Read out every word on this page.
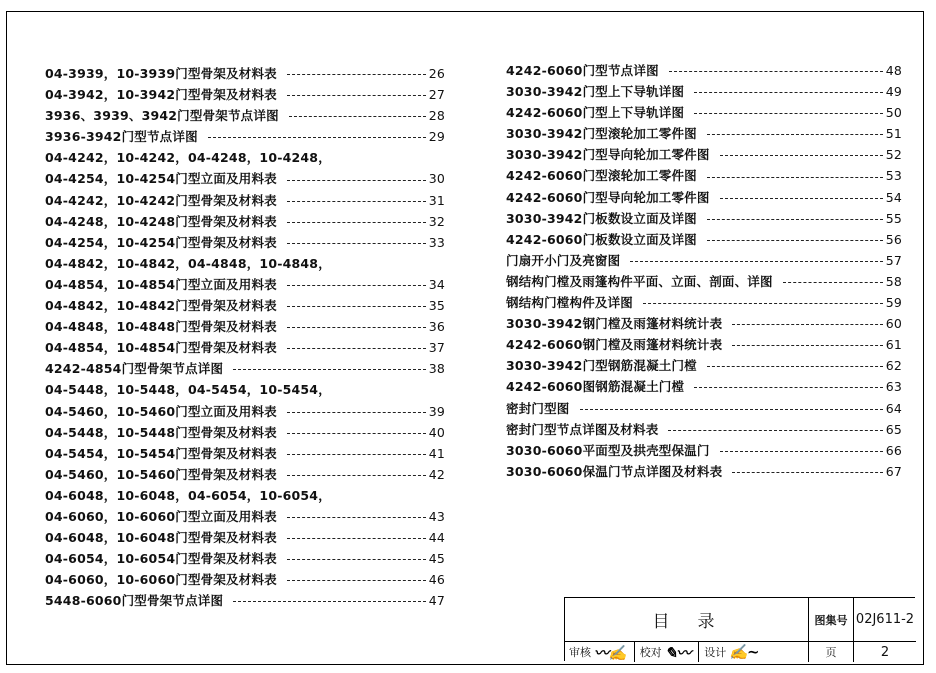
04-3939，10-3939门型骨架及材料表	26
04-3942，10-3942门型骨架及材料表	27
3936、3939、3942门型骨架节点详图	28
3936-3942门型节点详图	29
04-4242，10-4242，04-4248，10-4248，
04-4254，10-4254门型立面及用料表	30
04-4242，10-4242门型骨架及材料表	31
04-4248，10-4248门型骨架及材料表	32
04-4254，10-4254门型骨架及材料表	33
04-4842，10-4842，04-4848，10-4848，
04-4854，10-4854门型立面及用料表	34
04-4842，10-4842门型骨架及材料表	35
04-4848，10-4848门型骨架及材料表	36
04-4854，10-4854门型骨架及材料表	37
4242-4854门型骨架节点详图	38
04-5448，10-5448，04-5454，10-5454，
04-5460，10-5460门型立面及用料表	39
04-5448，10-5448门型骨架及材料表	40
04-5454，10-5454门型骨架及材料表	41
04-5460，10-5460门型骨架及材料表	42
04-6048，10-6048，04-6054，10-6054，
04-6060，10-6060门型立面及用料表	43
04-6048，10-6048门型骨架及材料表	44
04-6054，10-6054门型骨架及材料表	45
04-6060，10-6060门型骨架及材料表	46
5448-6060门型骨架节点详图	47
4242-6060门型节点详图	48
3030-3942门型上下导轨详图	49
4242-6060门型上下导轨详图	50
3030-3942门型滚轮加工零件图	51
3030-3942门型导向轮加工零件图	52
4242-6060门型滚轮加工零件图	53
4242-6060门型导向轮加工零件图	54
3030-3942门板数设立面及详图	55
4242-6060门板数设立面及详图	56
门扇开小门及亮窗图	57
钢结构门樘及雨篷构件平面、立面、剖面、详图	58
钢结构门樘构件及详图	59
3030-3942钢门樘及雨篷材料统计表	60
4242-6060钢门樘及雨篷材料统计表	61
3030-3942门型钢筋混凝土门樘	62
4242-6060图钢筋混凝土门樘	63
密封门型图	64
密封门型节点详图及材料表	65
3030-6060平面型及拱壳型保温门	66
3030-6060保温门节点详图及材料表	67
目录	图集号 02J611-2
审核 〰✍ 校对 ✎〰 设计 ✍~	页	2
